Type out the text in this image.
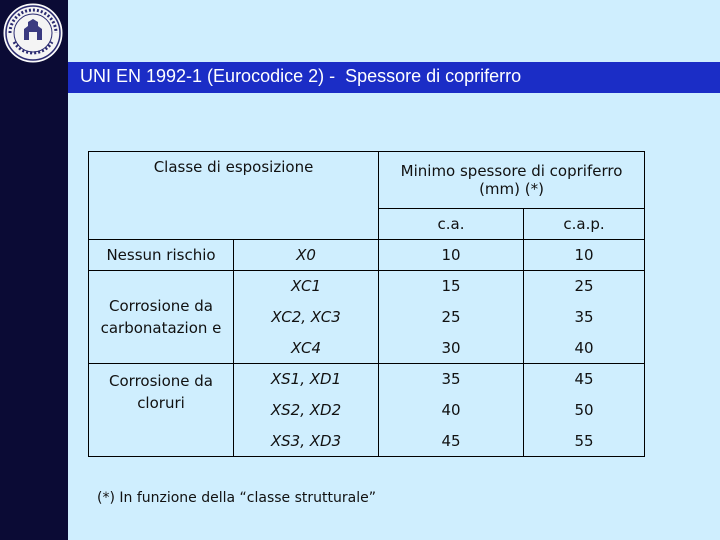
UNI EN 1992-1 (Eurocodice 2) -  Spessore di copriferro
Classe di esposizione		Minimo spessore di copriferro (mm) (*)	
		c.a.	c.a.p.
Nessun rischio	X0	10	10
Corrosione da carbonatazion e	XC1	15	25
	XC2, XC3	25	35
	XC4	30	40
Corrosione da cloruri	XS1, XD1	35	45
	XS2, XD2	40	50
	XS3, XD3	45	55
(*) In funzione della “classe strutturale”
